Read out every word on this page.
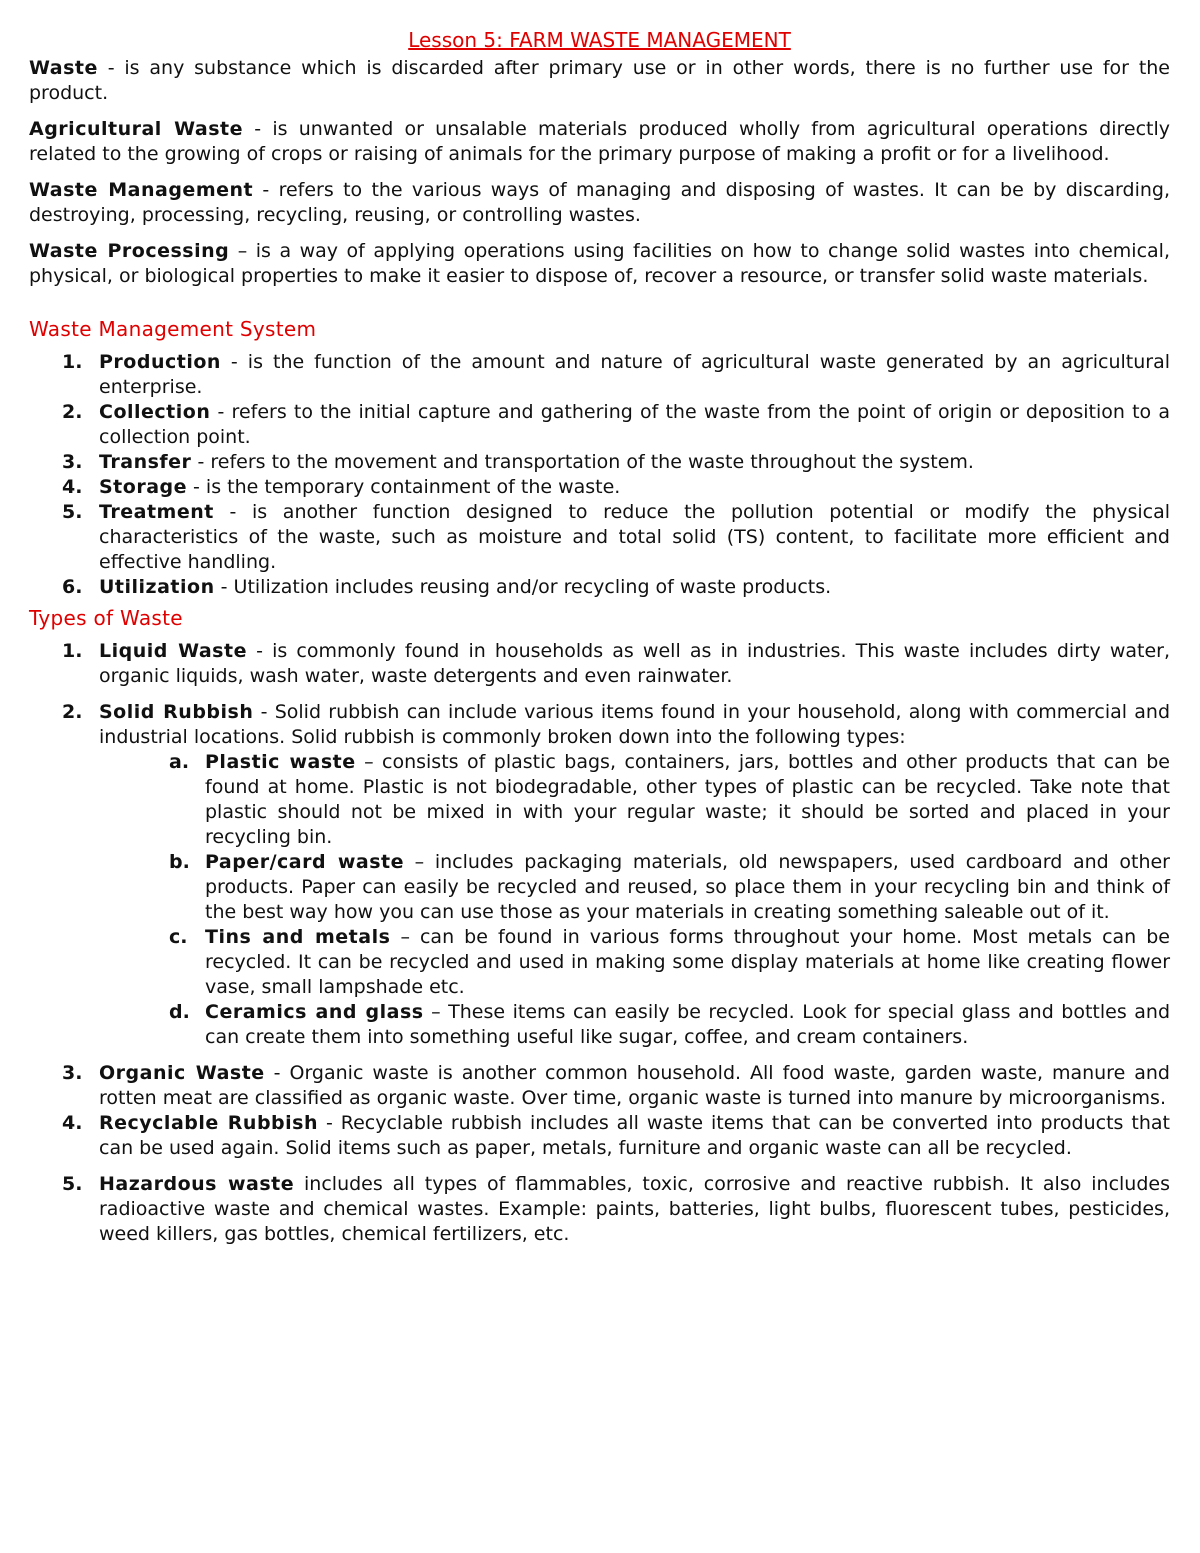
Lesson 5: FARM WASTE MANAGEMENT

Waste - is any substance which is discarded after primary use or in other words, there is no further use for the product.

Agricultural Waste - is unwanted or unsalable materials produced wholly from agricultural operations directly related to the growing of crops or raising of animals for the primary purpose of making a profit or for a livelihood.

Waste Management - refers to the various ways of managing and disposing of wastes. It can be by discarding, destroying, processing, recycling, reusing, or controlling wastes.

Waste Processing – is a way of applying operations using facilities on how to change solid wastes into chemical, physical, or biological properties to make it easier to dispose of, recover a resource, or transfer solid waste materials.

Waste Management System
1. Production - is the function of the amount and nature of agricultural waste generated by an agricultural enterprise.
2. Collection - refers to the initial capture and gathering of the waste from the point of origin or deposition to a collection point.
3. Transfer - refers to the movement and transportation of the waste throughout the system.
4. Storage - is the temporary containment of the waste.
5. Treatment - is another function designed to reduce the pollution potential or modify the physical characteristics of the waste, such as moisture and total solid (TS) content, to facilitate more efficient and effective handling.
6. Utilization - Utilization includes reusing and/or recycling of waste products.
Types of Waste
1. Liquid Waste - is commonly found in households as well as in industries. This waste includes dirty water, organic liquids, wash water, waste detergents and even rainwater.
2. Solid Rubbish - Solid rubbish can include various items found in your household, along with commercial and industrial locations. Solid rubbish is commonly broken down into the following types:
a. Plastic waste – consists of plastic bags, containers, jars, bottles and other products that can be found at home. Plastic is not biodegradable, other types of plastic can be recycled. Take note that plastic should not be mixed in with your regular waste; it should be sorted and placed in your recycling bin.
b. Paper/card waste – includes packaging materials, old newspapers, used cardboard and other products. Paper can easily be recycled and reused, so place them in your recycling bin and think of the best way how you can use those as your materials in creating something saleable out of it.
c. Tins and metals – can be found in various forms throughout your home. Most metals can be recycled. It can be recycled and used in making some display materials at home like creating flower vase, small lampshade etc.
d. Ceramics and glass – These items can easily be recycled. Look for special glass and bottles and can create them into something useful like sugar, coffee, and cream containers.
3. Organic Waste - Organic waste is another common household. All food waste, garden waste, manure and rotten meat are classified as organic waste. Over time, organic waste is turned into manure by microorganisms.
4. Recyclable Rubbish - Recyclable rubbish includes all waste items that can be converted into products that can be used again. Solid items such as paper, metals, furniture and organic waste can all be recycled.
5. Hazardous waste includes all types of flammables, toxic, corrosive and reactive rubbish. It also includes radioactive waste and chemical wastes. Example: paints, batteries, light bulbs, fluorescent tubes, pesticides, weed killers, gas bottles, chemical fertilizers, etc.
